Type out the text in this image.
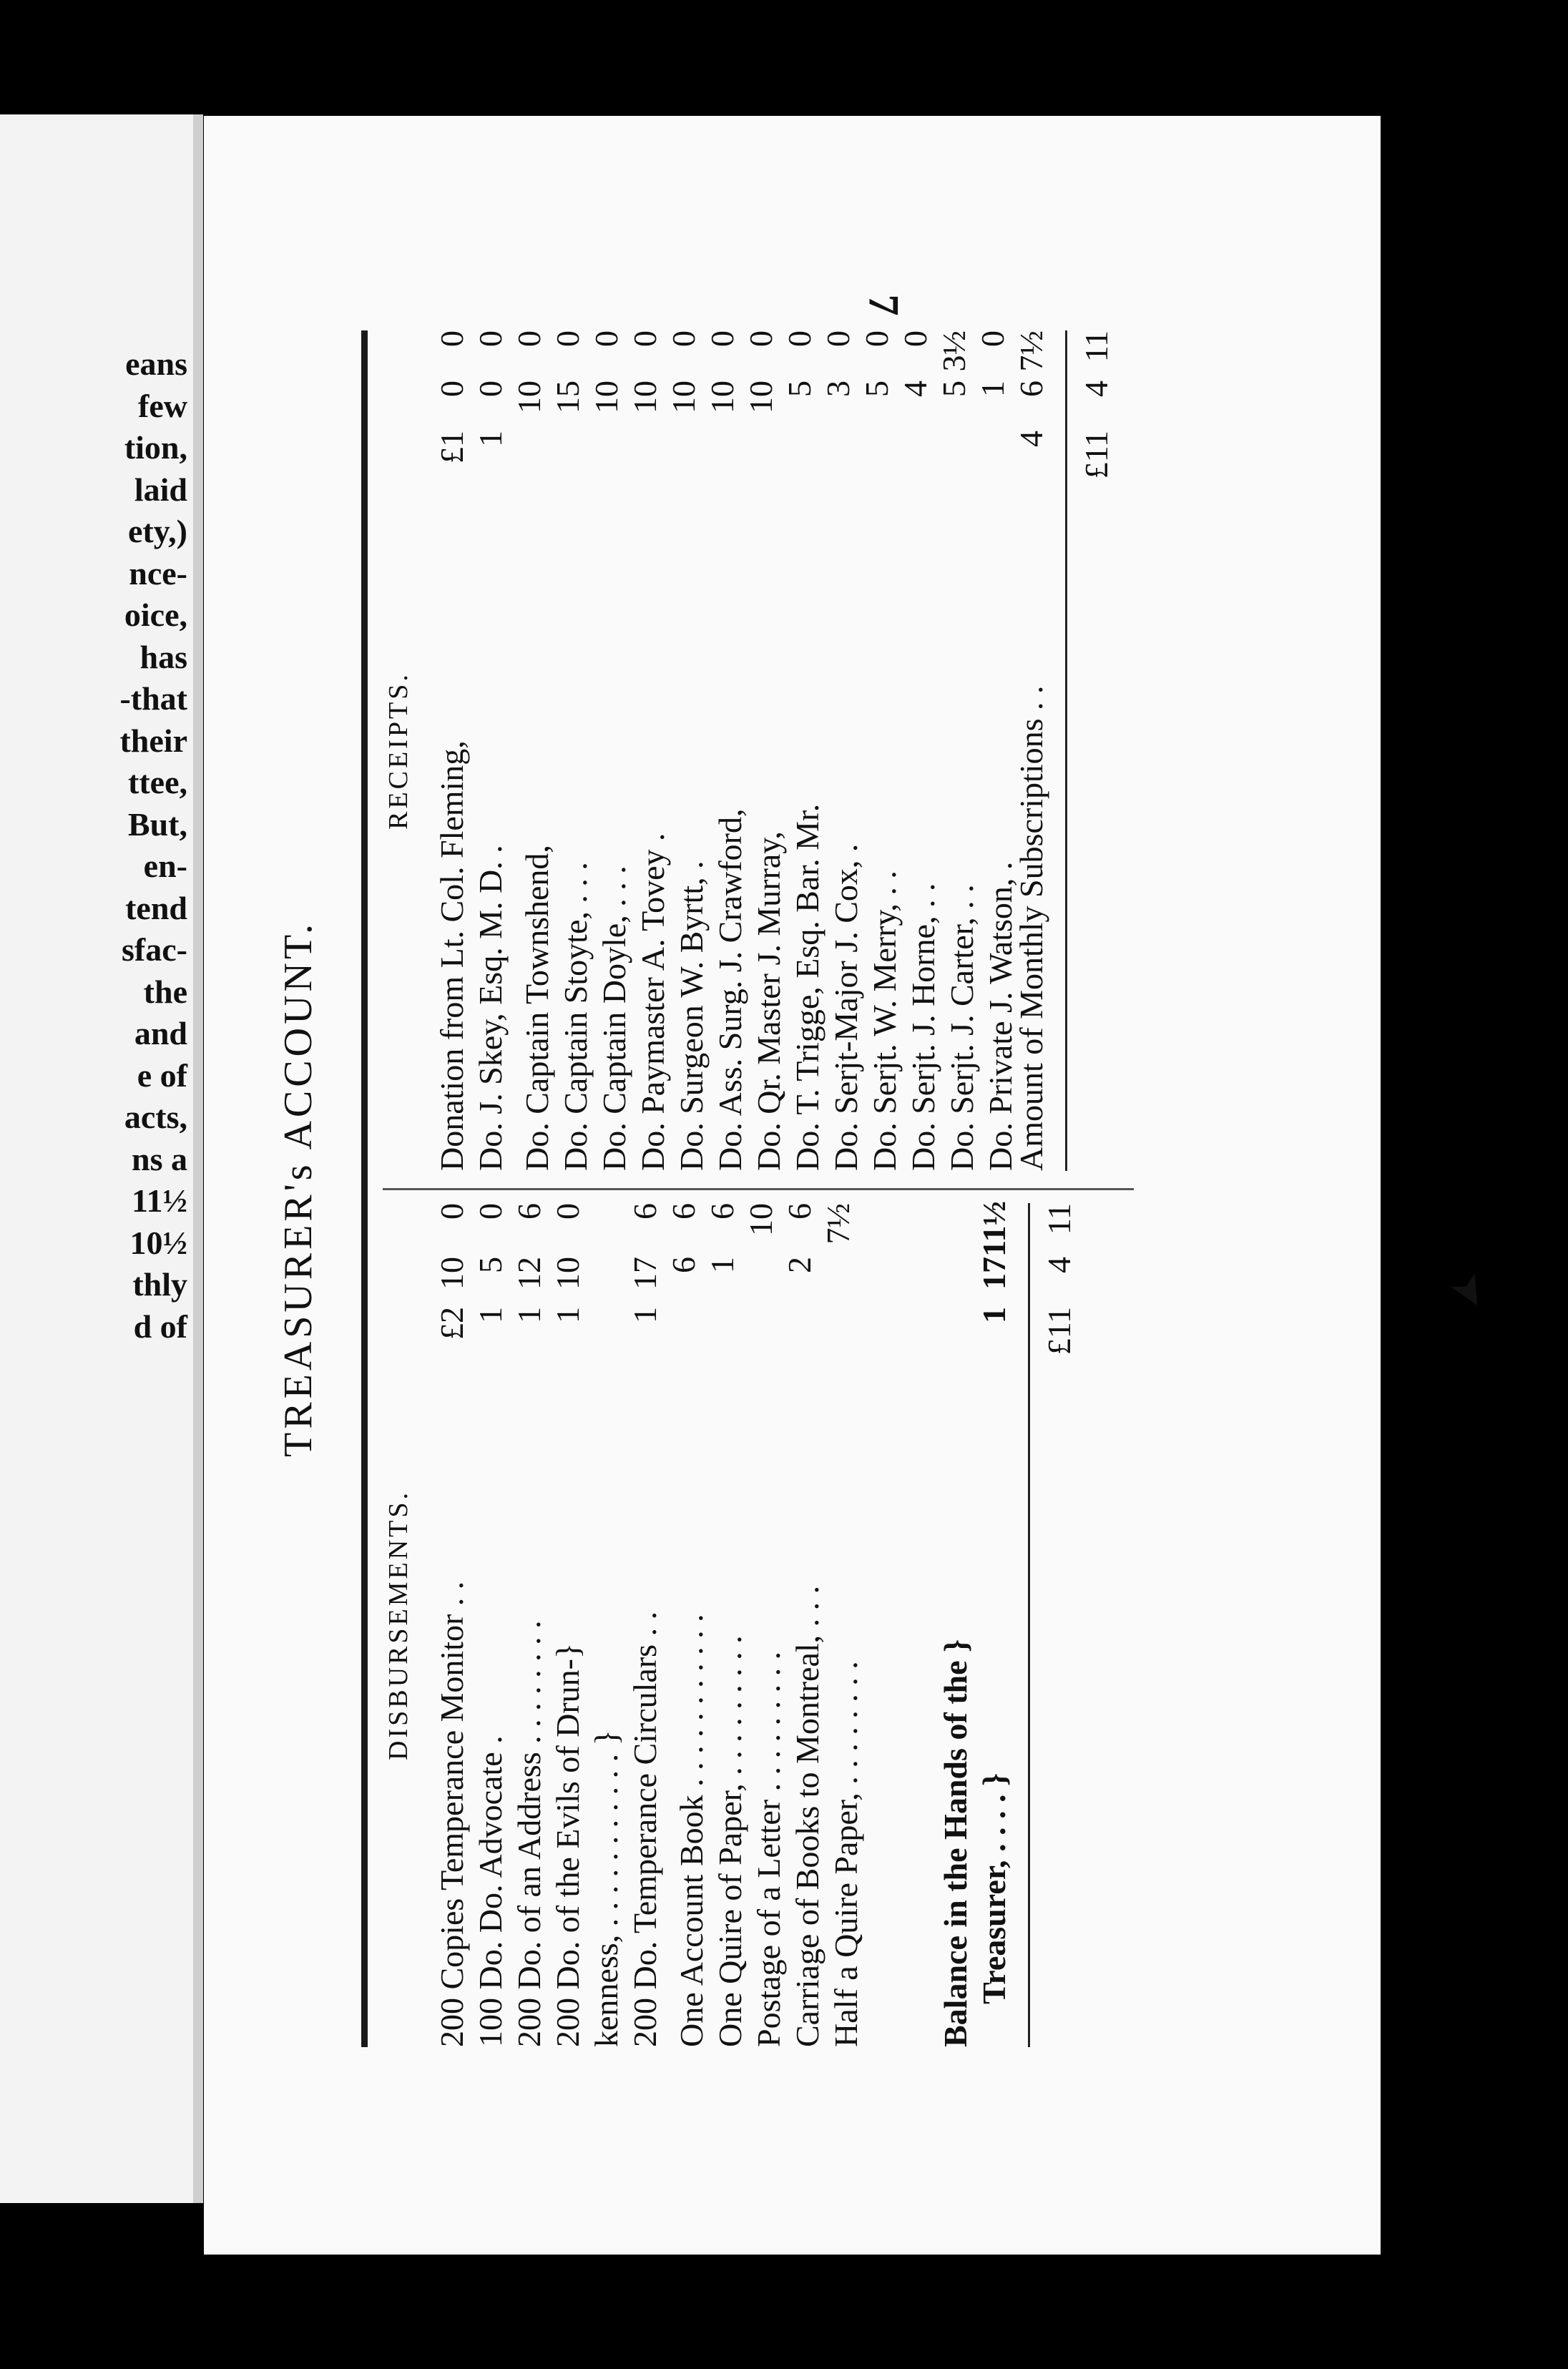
eans
few
tion,
laid
ety,)
nce-
oice,
has
-that
their
ttee,
But,
en-
tend
sfac-
the
and
e of
acts,
ns a
11½
10½
thly
d of
7
TREASURER's ACCOUNT.
DISBURSEMENTS. 200 Copies Temperance Monitor . .
£2
10
0
100 Do. Do. Advocate .
1
5
0
200 Do. of an Address . . . . . . . .
1
12
6
200 Do. of the Evils of Drun-}
1
10
0
kenness, . . . . . . . . . . . } 200 Do. Temperance Circulars . .
1
17
6
One Account Book . . . . . . . . . . .
6
6
One Quire of Paper, . . . . . . . . .
1
6
Postage of a Letter . . . . . . . . .
10
Carriage of Books to Montreal, . . .
2
6
Half a Quire Paper, . . . . . . . .
7½
Balance in the Hands of the } Treasurer, . . . . }
1
17
11½
£11
4
11
RECEIPTS. Donation from Lt. Col. Fleming,
£1
0
0
Do. J. Skey, Esq. M. D. .
1
0
0
Do. Captain Townshend,
10
0
Do. Captain Stoyte, . . .
15
0
Do. Captain Doyle, . . .
10
0
Do. Paymaster A. Tovey .
10
0
Do. Surgeon W. Byrtt, .
10
0
Do. Ass. Surg. J. Crawford,
10
0
Do. Qr. Master J. Murray,
10
0
Do. T. Trigge, Esq. Bar. Mr.
5
0
Do. Serjt-Major J. Cox, .
3
0
Do. Serjt. W. Merry, . .
5
0
Do. Serjt. J. Horne, . .
4
0
Do. Serjt. J. Carter, . .
5
3½
Do. Private J. Watson, .
1
0
Amount of Monthly Subscriptions . .
4
6
7½
£11
4
11
➤
